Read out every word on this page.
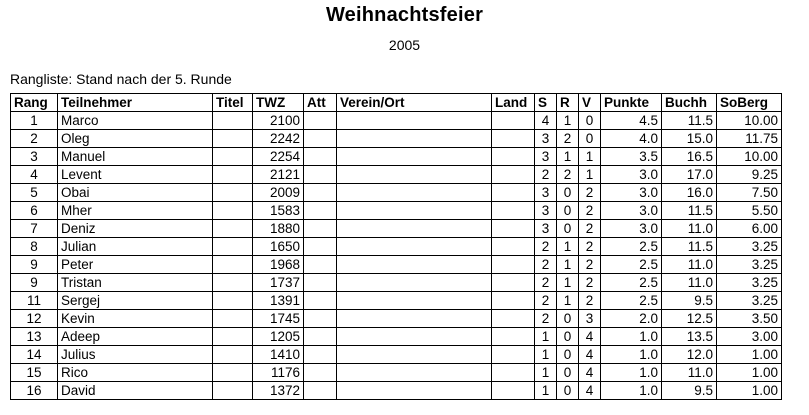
Weihnachtsfeier
2005
Rangliste: Stand nach der 5. Runde
Rang	Teilnehmer	Titel	TWZ	Att	Verein/Ort	Land	S	R	V	Punkte	Buchh	SoBerg
1	Marco		2100				4	1	0	4.5	11.5	10.00
2	Oleg		2242				3	2	0	4.0	15.0	11.75
3	Manuel		2254				3	1	1	3.5	16.5	10.00
4	Levent		2121				2	2	1	3.0	17.0	9.25
5	Obai		2009				3	0	2	3.0	16.0	7.50
6	Mher		1583				3	0	2	3.0	11.5	5.50
7	Deniz		1880				3	0	2	3.0	11.0	6.00
8	Julian		1650				2	1	2	2.5	11.5	3.25
9	Peter		1968				2	1	2	2.5	11.0	3.25
9	Tristan		1737				2	1	2	2.5	11.0	3.25
11	Sergej		1391				2	1	2	2.5	9.5	3.25
12	Kevin		1745				2	0	3	2.0	12.5	3.50
13	Adeep		1205				1	0	4	1.0	13.5	3.00
14	Julius		1410				1	0	4	1.0	12.0	1.00
15	Rico		1176				1	0	4	1.0	11.0	1.00
16	David		1372				1	0	4	1.0	9.5	1.00
